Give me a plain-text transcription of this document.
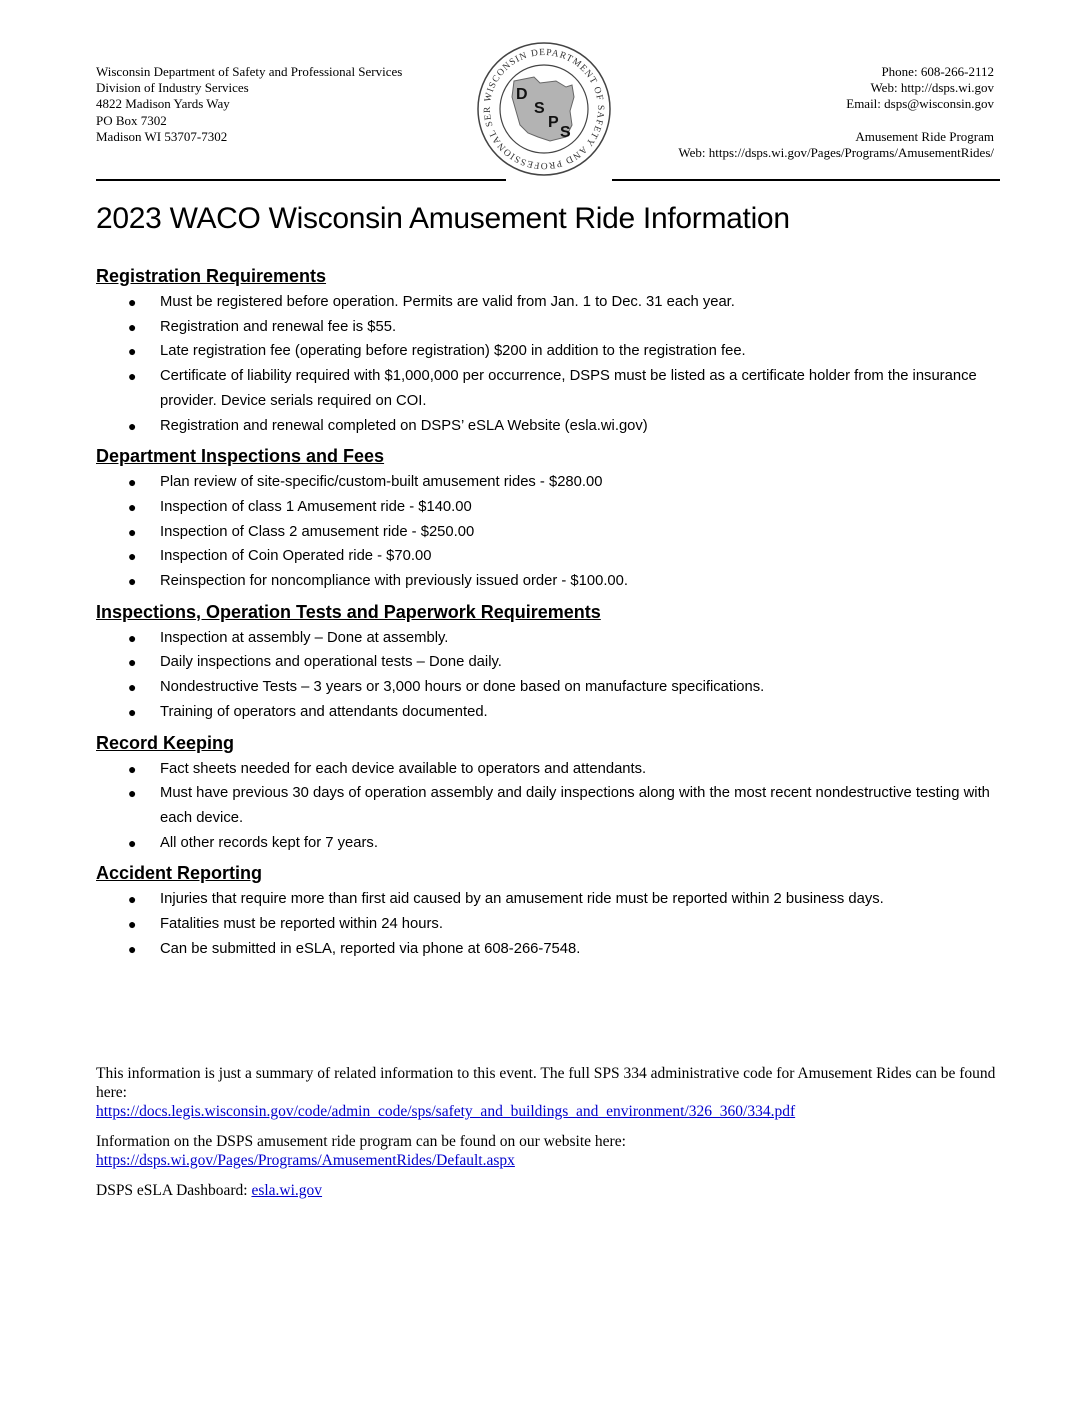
Wisconsin Department of Safety and Professional Services
Division of Industry Services
4822 Madison Yards Way
PO Box 7302
Madison WI 53707-7302
WISCONSIN DEPARTMENT OF SAFETY AND PROFESSIONAL SER
D
S
P
S
Phone: 608-266-2112
Web: http://dsps.wi.gov
Email: dsps@wisconsin.gov
Amusement Ride Program
Web: https://dsps.wi.gov/Pages/Programs/AmusementRides/
2023 WACO Wisconsin Amusement Ride Information
Registration Requirements
● Must be registered before operation. Permits are valid from Jan. 1 to Dec. 31 each year.
● Registration and renewal fee is $55.
● Late registration fee (operating before registration) $200 in addition to the registration fee.
● Certificate of liability required with $1,000,000 per occurrence, DSPS must be listed as a certificate holder from the insurance provider. Device serials required on COI.
● Registration and renewal completed on DSPS’ eSLA Website (esla.wi.gov)
Department Inspections and Fees
● Plan review of site-specific/custom-built amusement rides - $280.00
● Inspection of class 1 Amusement ride - $140.00
● Inspection of Class 2 amusement ride - $250.00
● Inspection of Coin Operated ride - $70.00
● Reinspection for noncompliance with previously issued order - $100.00.
Inspections, Operation Tests and Paperwork Requirements
● Inspection at assembly – Done at assembly.
● Daily inspections and operational tests – Done daily.
● Nondestructive Tests – 3 years or 3,000 hours or done based on manufacture specifications.
● Training of operators and attendants documented.
Record Keeping
● Fact sheets needed for each device available to operators and attendants.
● Must have previous 30 days of operation assembly and daily inspections along with the most recent nondestructive testing with each device.
● All other records kept for 7 years.
Accident Reporting
● Injuries that require more than first aid caused by an amusement ride must be reported within 2 business days.
● Fatalities must be reported within 24 hours.
● Can be submitted in eSLA, reported via phone at 608-266-7548.

This information is just a summary of related information to this event. The full SPS 334 administrative code for Amusement Rides can be found here:
https://docs.legis.wisconsin.gov/code/admin_code/sps/safety_and_buildings_and_environment/326_360/334.pdf

Information on the DSPS amusement ride program can be found on our website here:
https://dsps.wi.gov/Pages/Programs/AmusementRides/Default.aspx

DSPS eSLA Dashboard: esla.wi.gov
